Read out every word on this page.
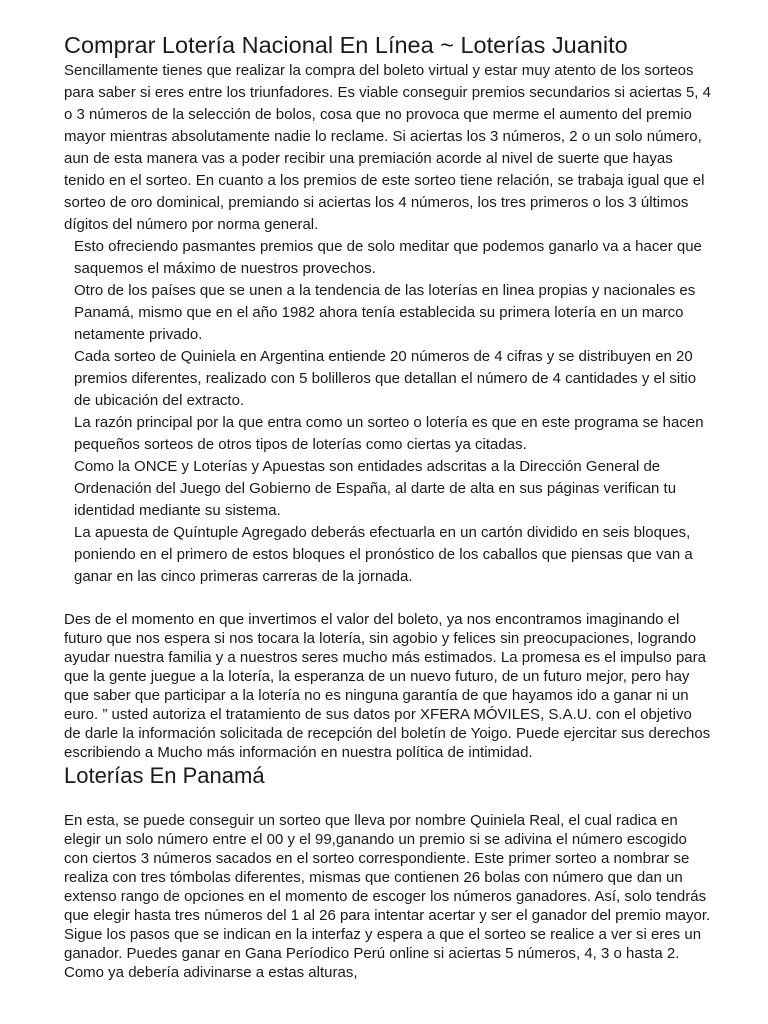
Comprar Lotería Nacional En Línea ~ Loterías Juanito

Sencillamente tienes que realizar la compra del boleto virtual y estar muy atento de los sorteos para saber si eres entre los triunfadores. Es viable conseguir premios secundarios si aciertas 5, 4 o 3 números de la selección de bolos, cosa que no provoca que merme el aumento del premio mayor mientras absolutamente nadie lo reclame. Si aciertas los 3 números, 2 o un solo número, aun de esta manera vas a poder recibir una premiación acorde al nivel de suerte que hayas tenido en el sorteo. En cuanto a los premios de este sorteo tiene relación, se trabaja igual que el sorteo de oro dominical, premiando si aciertas los 4 números, los tres primeros o los 3 últimos dígitos del número por norma general.

Esto ofreciendo pasmantes premios que de solo meditar que podemos ganarlo va a hacer que saquemos el máximo de nuestros provechos.

Otro de los países que se unen a la tendencia de las loterías en linea propias y nacionales es Panamá, mismo que en el año 1982 ahora tenía establecida su primera lotería en un marco netamente privado.

Cada sorteo de Quiniela en Argentina entiende 20 números de 4 cifras y se distribuyen en 20 premios diferentes, realizado con 5 bolilleros que detallan el número de 4 cantidades y el sitio de ubicación del extracto.

La razón principal por la que entra como un sorteo o lotería es que en este programa se hacen pequeños sorteos de otros tipos de loterías como ciertas ya citadas.

Como la ONCE y Loterías y Apuestas son entidades adscritas a la Dirección General de Ordenación del Juego del Gobierno de España, al darte de alta en sus páginas verifican tu identidad mediante su sistema.

La apuesta de Quíntuple Agregado deberás efectuarla en un cartón dividido en seis bloques, poniendo en el primero de estos bloques el pronóstico de los caballos que piensas que van a ganar en las cinco primeras carreras de la jornada.

Des de el momento en que invertimos el valor del boleto, ya nos encontramos imaginando el futuro que nos espera si nos tocara la lotería, sin agobio y felices sin preocupaciones, logrando ayudar nuestra familia y a nuestros seres mucho más estimados. La promesa es el impulso para que la gente juegue a la lotería, la esperanza de un nuevo futuro, de un futuro mejor, pero hay que saber que participar a la lotería no es ninguna garantía de que hayamos ido a ganar ni un euro. ” usted autoriza el tratamiento de sus datos por XFERA MÓVILES, S.A.U. con el objetivo de darle la información solicitada de recepción del boletín de Yoigo. Puede ejercitar sus derechos escribiendo a Mucho más información en nuestra política de intimidad.

Loterías En Panamá

En esta, se puede conseguir un sorteo que lleva por nombre Quiniela Real, el cual radica en elegir un solo número entre el 00 y el 99,ganando un premio si se adivina el número escogido con ciertos 3 números sacados en el sorteo correspondiente. Este primer sorteo a nombrar se realiza con tres tómbolas diferentes, mismas que contienen 26 bolas con número que dan un extenso rango de opciones en el momento de escoger los números ganadores. Así, solo tendrás que elegir hasta tres números del 1 al 26 para intentar acertar y ser el ganador del premio mayor. Sigue los pasos que se indican en la interfaz y espera a que el sorteo se realice a ver si eres un ganador. Puedes ganar en Gana Períodico Perú online si aciertas 5 números, 4, 3 o hasta 2. Como ya debería adivinarse a estas alturas,
